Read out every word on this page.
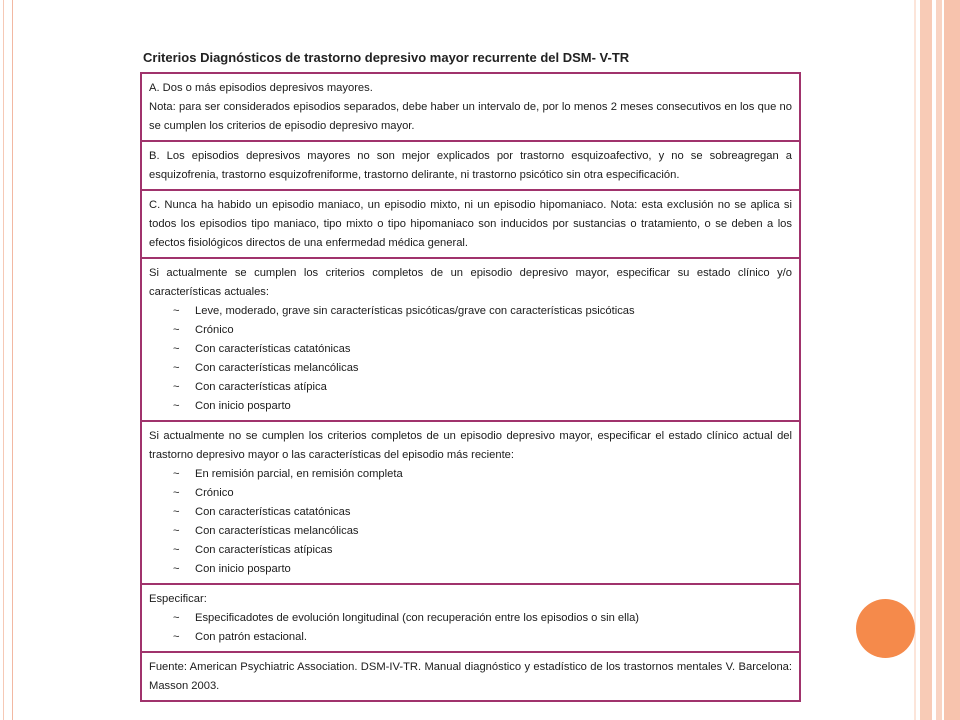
Criterios Diagnósticos de trastorno depresivo mayor recurrente del DSM- V-TR
A. Dos o más episodios depresivos mayores.
Nota: para ser considerados episodios separados, debe haber un intervalo de, por lo menos 2 meses consecutivos en los que no se cumplen los criterios de episodio depresivo mayor.

B. Los episodios depresivos mayores no son mejor explicados por trastorno esquizoafectivo, y no se sobreagregan a esquizofrenia, trastorno esquizofreniforme, trastorno delirante, ni trastorno psicótico sin otra especificación.

C. Nunca ha habido un episodio maniaco, un episodio mixto, ni un episodio hipomaniaco. Nota: esta exclusión no se aplica si todos los episodios tipo maniaco, tipo mixto o tipo hipomaniaco son inducidos por sustancias o tratamiento, o se deben a los efectos fisiológicos directos de una enfermedad médica general.

Si actualmente se cumplen los criterios completos de un episodio depresivo mayor, especificar su estado clínico y/o características actuales:
~ Leve, moderado, grave sin características psicóticas/grave con características psicóticas
~ Crónico
~ Con características catatónicas
~ Con características melancólicas
~ Con características atípica
~ Con inicio posparto

Si actualmente no se cumplen los criterios completos de un episodio depresivo mayor, especificar el estado clínico actual del trastorno depresivo mayor o las características del episodio más reciente:
~ En remisión parcial, en remisión completa
~ Crónico
~ Con características catatónicas
~ Con características melancólicas
~ Con características atípicas
~ Con inicio posparto

Especificar:
~ Especificadotes de evolución longitudinal (con recuperación entre los episodios o sin ella)
~ Con patrón estacional.

Fuente: American Psychiatric Association. DSM-IV-TR. Manual diagnóstico y estadístico de los trastornos mentales V. Barcelona: Masson 2003.
